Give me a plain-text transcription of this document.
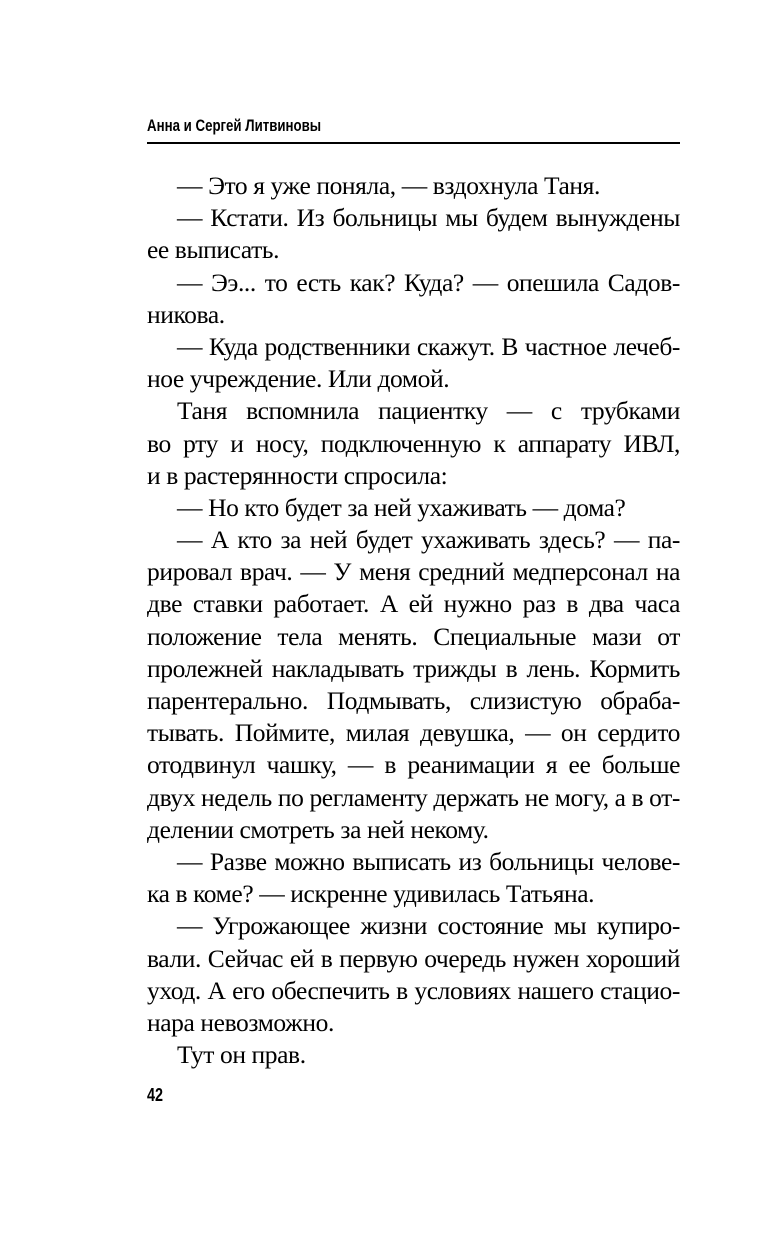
Анна и Сергей Литвиновы
— Это я уже поняла, — вздохнула Таня.
— Кстати. Из больницы мы будем вынуждены
ее выписать.
— Ээ... то есть как? Куда? — опешила Садов-
никова.
— Куда родственники скажут. В частное лечеб-
ное учреждение. Или домой.
Таня вспомнила пациентку — с трубками
во рту и носу, подключенную к аппарату ИВЛ,
и в растерянности спросила:
— Но кто будет за ней ухаживать — дома?
— А кто за ней будет ухаживать здесь? — па-
рировал врач. — У меня средний медперсонал на
две ставки работает. А ей нужно раз в два часа
положение тела менять. Специальные мази от
пролежней накладывать трижды в лень. Кормить
парентерально. Подмывать, слизистую обраба-
тывать. Поймите, милая девушка, — он сердито
отодвинул чашку, — в реанимации я ее больше
двух недель по регламенту держать не могу, а в от-
делении смотреть за ней некому.
— Разве можно выписать из больницы челове-
ка в коме? — искренне удивилась Татьяна.
— Угрожающее жизни состояние мы купиро-
вали. Сейчас ей в первую очередь нужен хороший
уход. А его обеспечить в условиях нашего стацио-
нара невозможно.
Тут он прав.
42
